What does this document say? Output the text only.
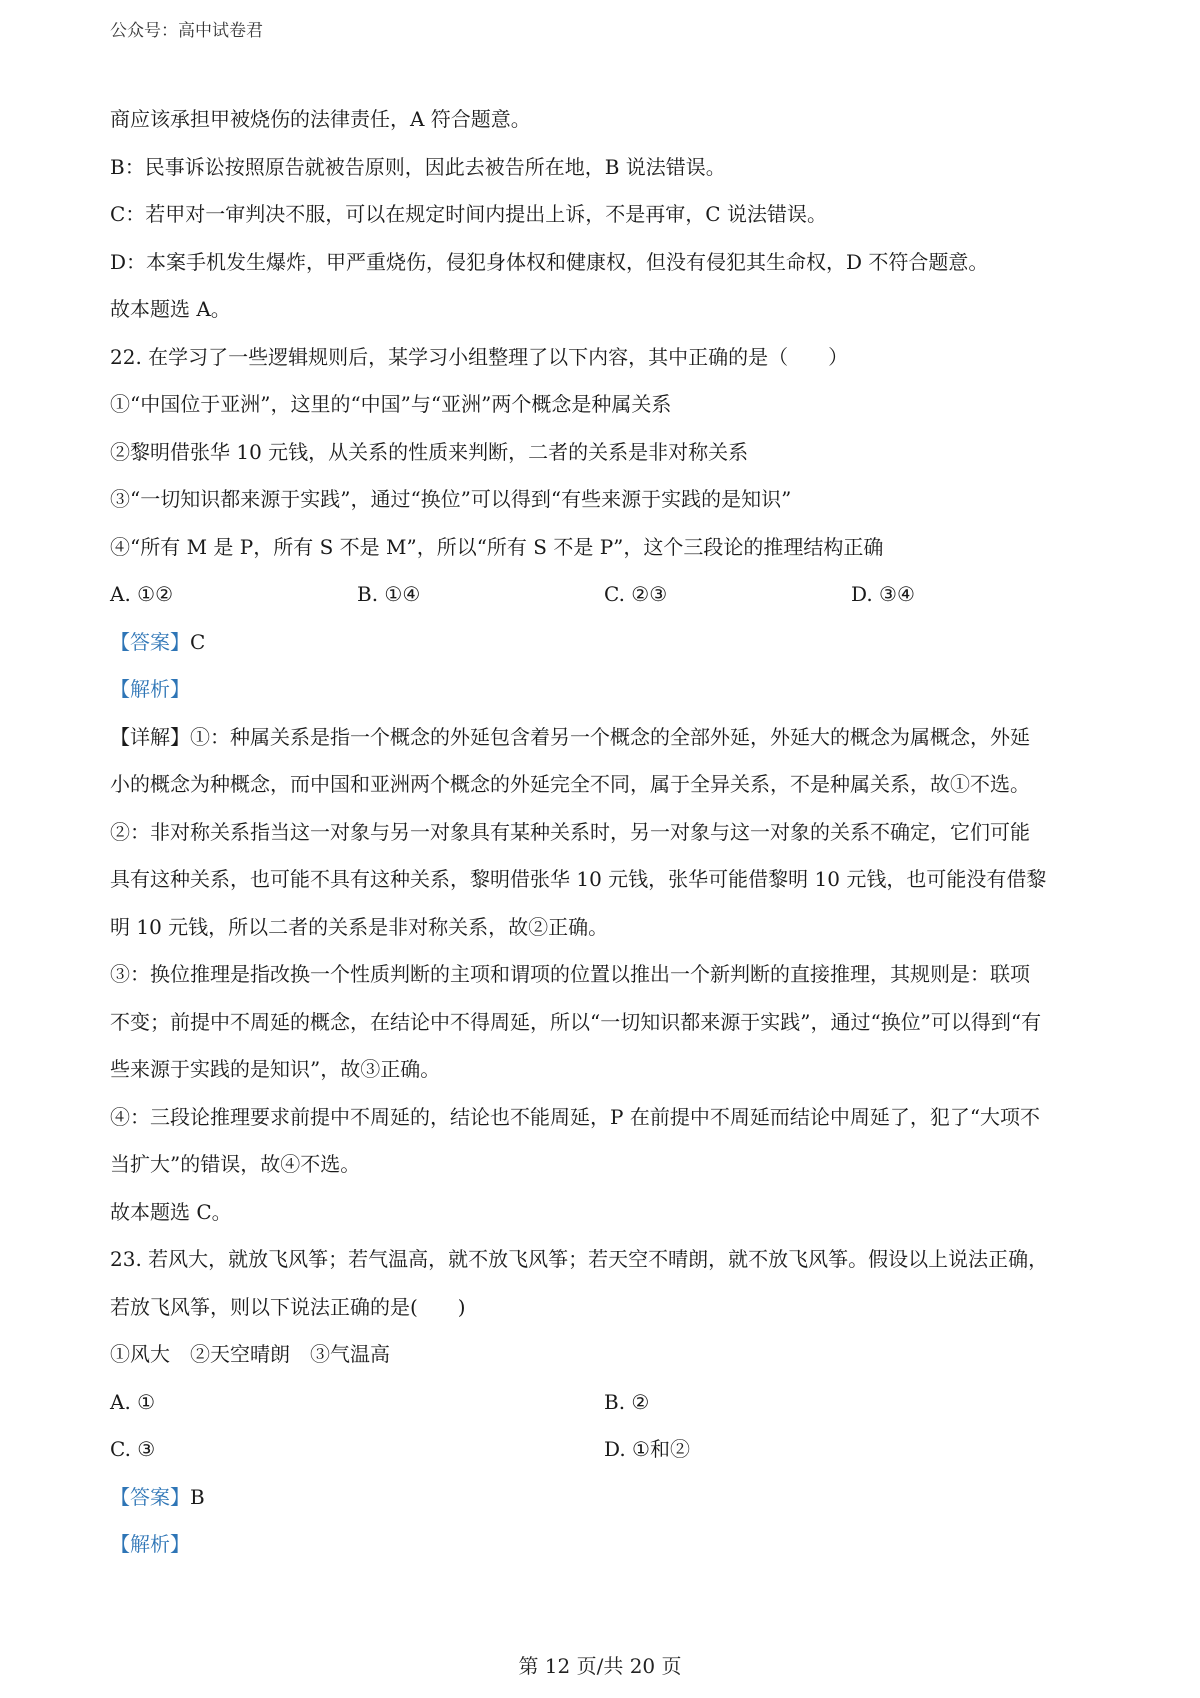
公众号：高中试卷君
商应该承担甲被烧伤的法律责任，A 符合题意。
B：民事诉讼按照原告就被告原则，因此去被告所在地，B 说法错误。
C：若甲对一审判决不服，可以在规定时间内提出上诉，不是再审，C 说法错误。
D：本案手机发生爆炸，甲严重烧伤，侵犯身体权和健康权，但没有侵犯其生命权，D 不符合题意。
故本题选 A。
22. 在学习了一些逻辑规则后，某学习小组整理了以下内容，其中正确的是（　　）
①“中国位于亚洲”，这里的“中国”与“亚洲”两个概念是种属关系
②黎明借张华 10 元钱，从关系的性质来判断，二者的关系是非对称关系
③“一切知识都来源于实践”，通过“换位”可以得到“有些来源于实践的是知识”
④“所有 M 是 P，所有 S 不是 M”，所以“所有 S 不是 P”，这个三段论的推理结构正确
A. ①②	B. ①④	C. ②③	D. ③④
【答案】C
【解析】
【详解】①：种属关系是指一个概念的外延包含着另一个概念的全部外延，外延大的概念为属概念，外延
小的概念为种概念，而中国和亚洲两个概念的外延完全不同，属于全异关系，不是种属关系，故①不选。
②：非对称关系指当这一对象与另一对象具有某种关系时，另一对象与这一对象的关系不确定，它们可能
具有这种关系，也可能不具有这种关系，黎明借张华 10 元钱，张华可能借黎明 10 元钱，也可能没有借黎
明 10 元钱，所以二者的关系是非对称关系，故②正确。
③：换位推理是指改换一个性质判断的主项和谓项的位置以推出一个新判断的直接推理，其规则是：联项
不变；前提中不周延的概念，在结论中不得周延，所以“一切知识都来源于实践”，通过“换位”可以得到“有
些来源于实践的是知识”，故③正确。
④：三段论推理要求前提中不周延的，结论也不能周延，P 在前提中不周延而结论中周延了，犯了“大项不
当扩大”的错误，故④不选。
故本题选 C。
23. 若风大，就放飞风筝；若气温高，就不放飞风筝；若天空不晴朗，就不放飞风筝。假设以上说法正确，
若放飞风筝，则以下说法正确的是(　　)
①风大　②天空晴朗　③气温高
A. ①	B. ②
C. ③	D. ①和②
【答案】B
【解析】
第 12 页/共 20 页
